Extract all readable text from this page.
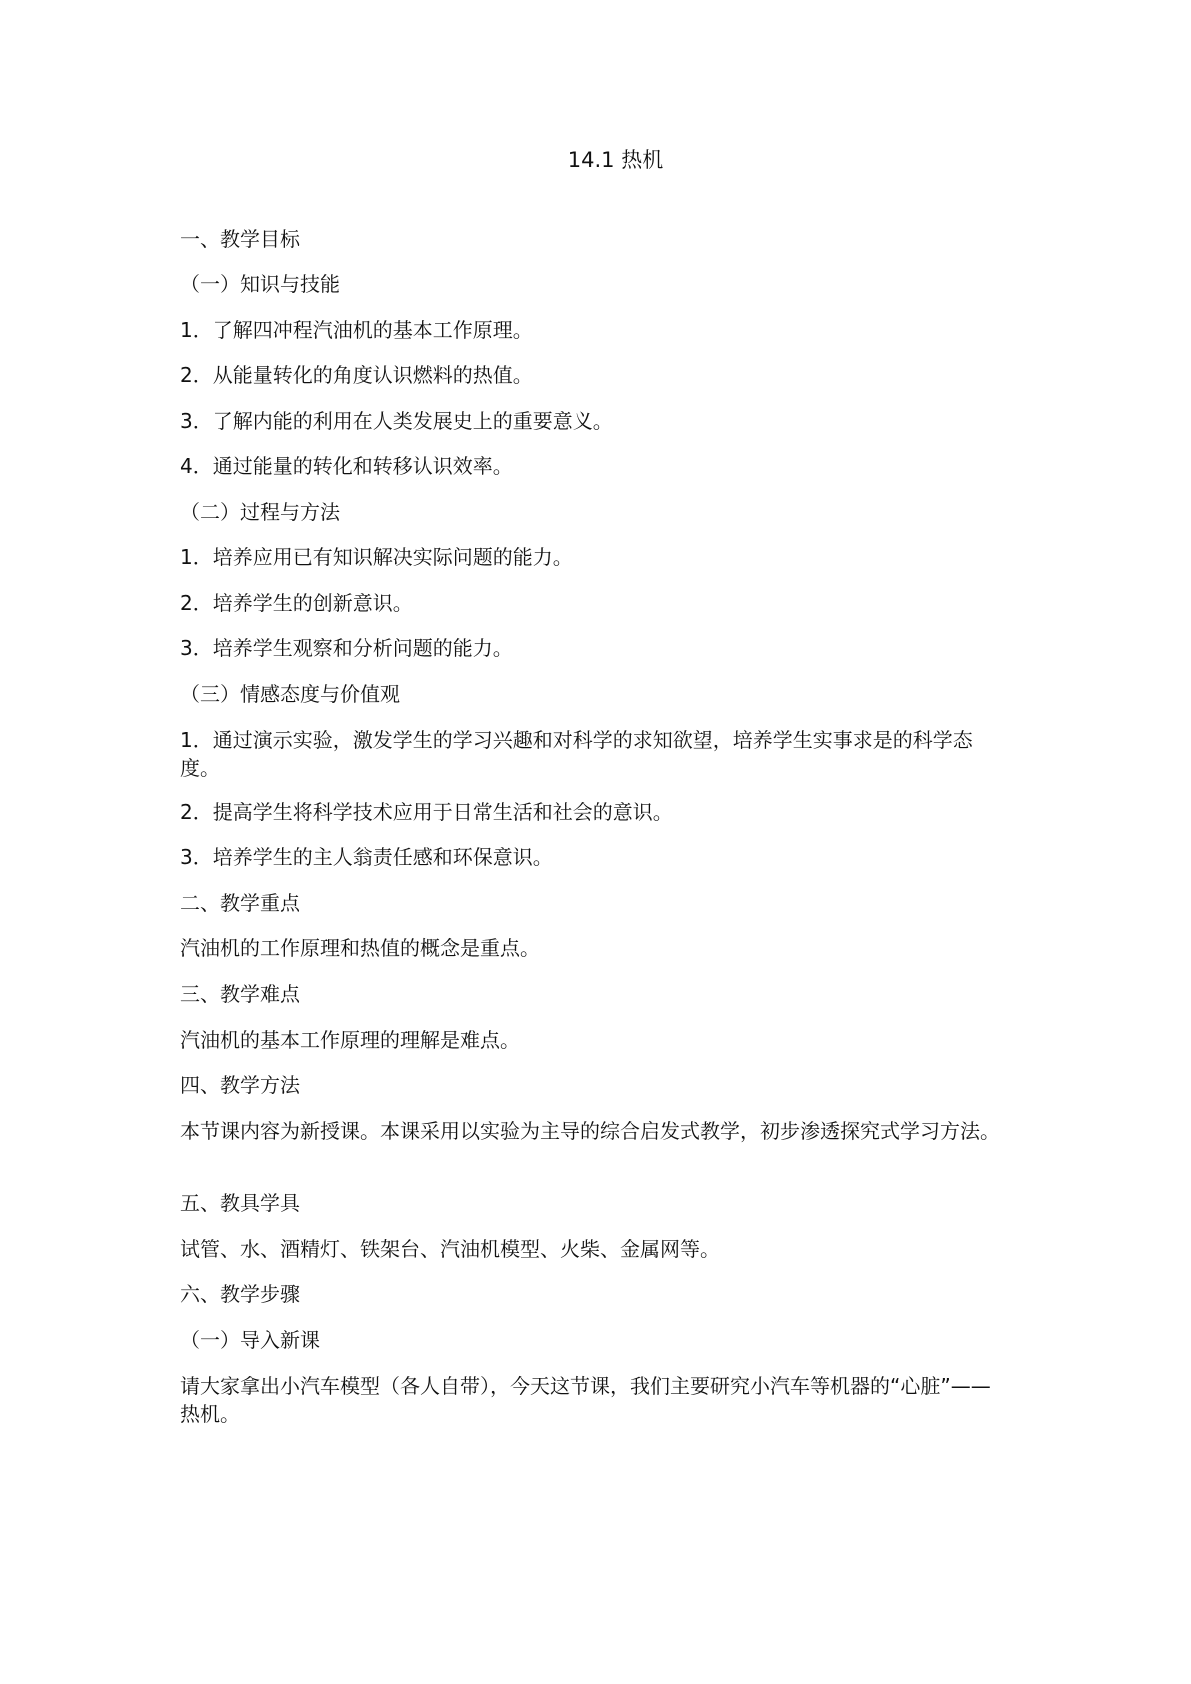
14.1 热机
一、教学目标
（一）知识与技能
1．了解四冲程汽油机的基本工作原理。
2．从能量转化的角度认识燃料的热值。
3．了解内能的利用在人类发展史上的重要意义。
4．通过能量的转化和转移认识效率。
（二）过程与方法
1．培养应用已有知识解决实际问题的能力。
2．培养学生的创新意识。
3．培养学生观察和分析问题的能力。
（三）情感态度与价值观
1．通过演示实验，激发学生的学习兴趣和对科学的求知欲望，培养学生实事求是的科学态度。
2．提高学生将科学技术应用于日常生活和社会的意识。
3．培养学生的主人翁责任感和环保意识。
二、教学重点
汽油机的工作原理和热值的概念是重点。
三、教学难点
汽油机的基本工作原理的理解是难点。
四、教学方法
本节课内容为新授课。本课采用以实验为主导的综合启发式教学，初步渗透探究式学习方法。
五、教具学具
试管、水、酒精灯、铁架台、汽油机模型、火柴、金属网等。
六、教学步骤
（一）导入新课
请大家拿出小汽车模型（各人自带），今天这节课，我们主要研究小汽车等机器的“心脏”——热机。
